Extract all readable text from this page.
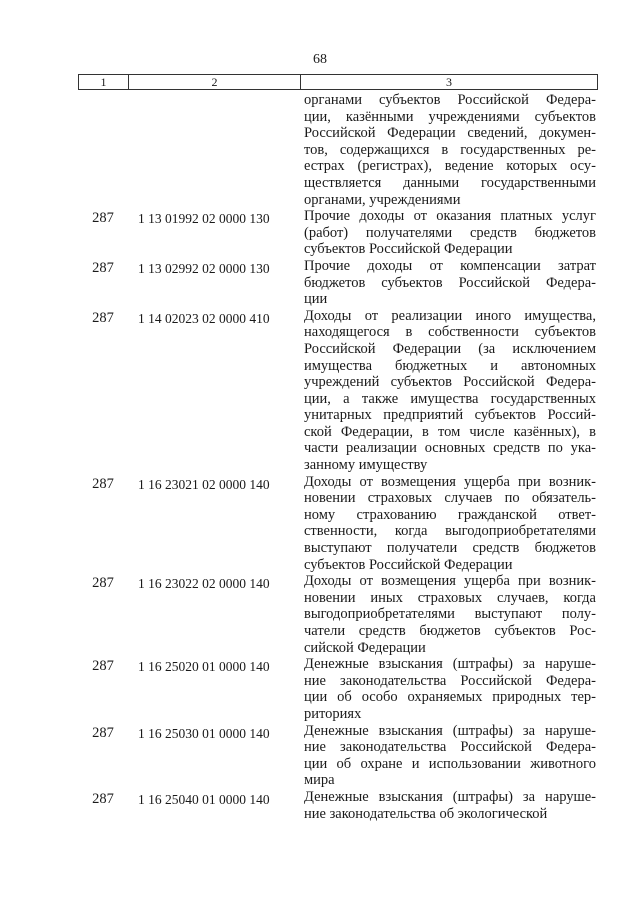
68
1	2	3
органами субъектов Российской Федера-
ции, казёнными учреждениями субъектов
Российской Федерации сведений, докумен-
тов, содержащихся в государственных ре-
естрах (регистрах), ведение которых осу-
ществляется данными государственными
органами, учреждениями
287	1 13 01992 02 0000 130	Прочие доходы от оказания платных услуг
(работ) получателями средств бюджетов
субъектов Российской Федерации
287	1 13 02992 02 0000 130	Прочие доходы от компенсации затрат
бюджетов субъектов Российской Федера-
ции
287	1 14 02023 02 0000 410	Доходы от реализации иного имущества,
находящегося в собственности субъектов
Российской Федерации (за исключением
имущества бюджетных и автономных
учреждений субъектов Российской Федера-
ции, а также имущества государственных
унитарных предприятий субъектов Россий-
ской Федерации, в том числе казённых), в
части реализации основных средств по ука-
занному имуществу
287	1 16 23021 02 0000 140	Доходы от возмещения ущерба при возник-
новении страховых случаев по обязатель-
ному страхованию гражданской ответ-
ственности, когда выгодоприобретателями
выступают получатели средств бюджетов
субъектов Российской Федерации
287	1 16 23022 02 0000 140	Доходы от возмещения ущерба при возник-
новении иных страховых случаев, когда
выгодоприобретателями выступают полу-
чатели средств бюджетов субъектов Рос-
сийской Федерации
287	1 16 25020 01 0000 140	Денежные взыскания (штрафы) за наруше-
ние законодательства Российской Федера-
ции об особо охраняемых природных тер-
риториях
287	1 16 25030 01 0000 140	Денежные взыскания (штрафы) за наруше-
ние законодательства Российской Федера-
ции об охране и использовании животного
мира
287	1 16 25040 01 0000 140	Денежные взыскания (штрафы) за наруше-
ние законодательства об экологической
